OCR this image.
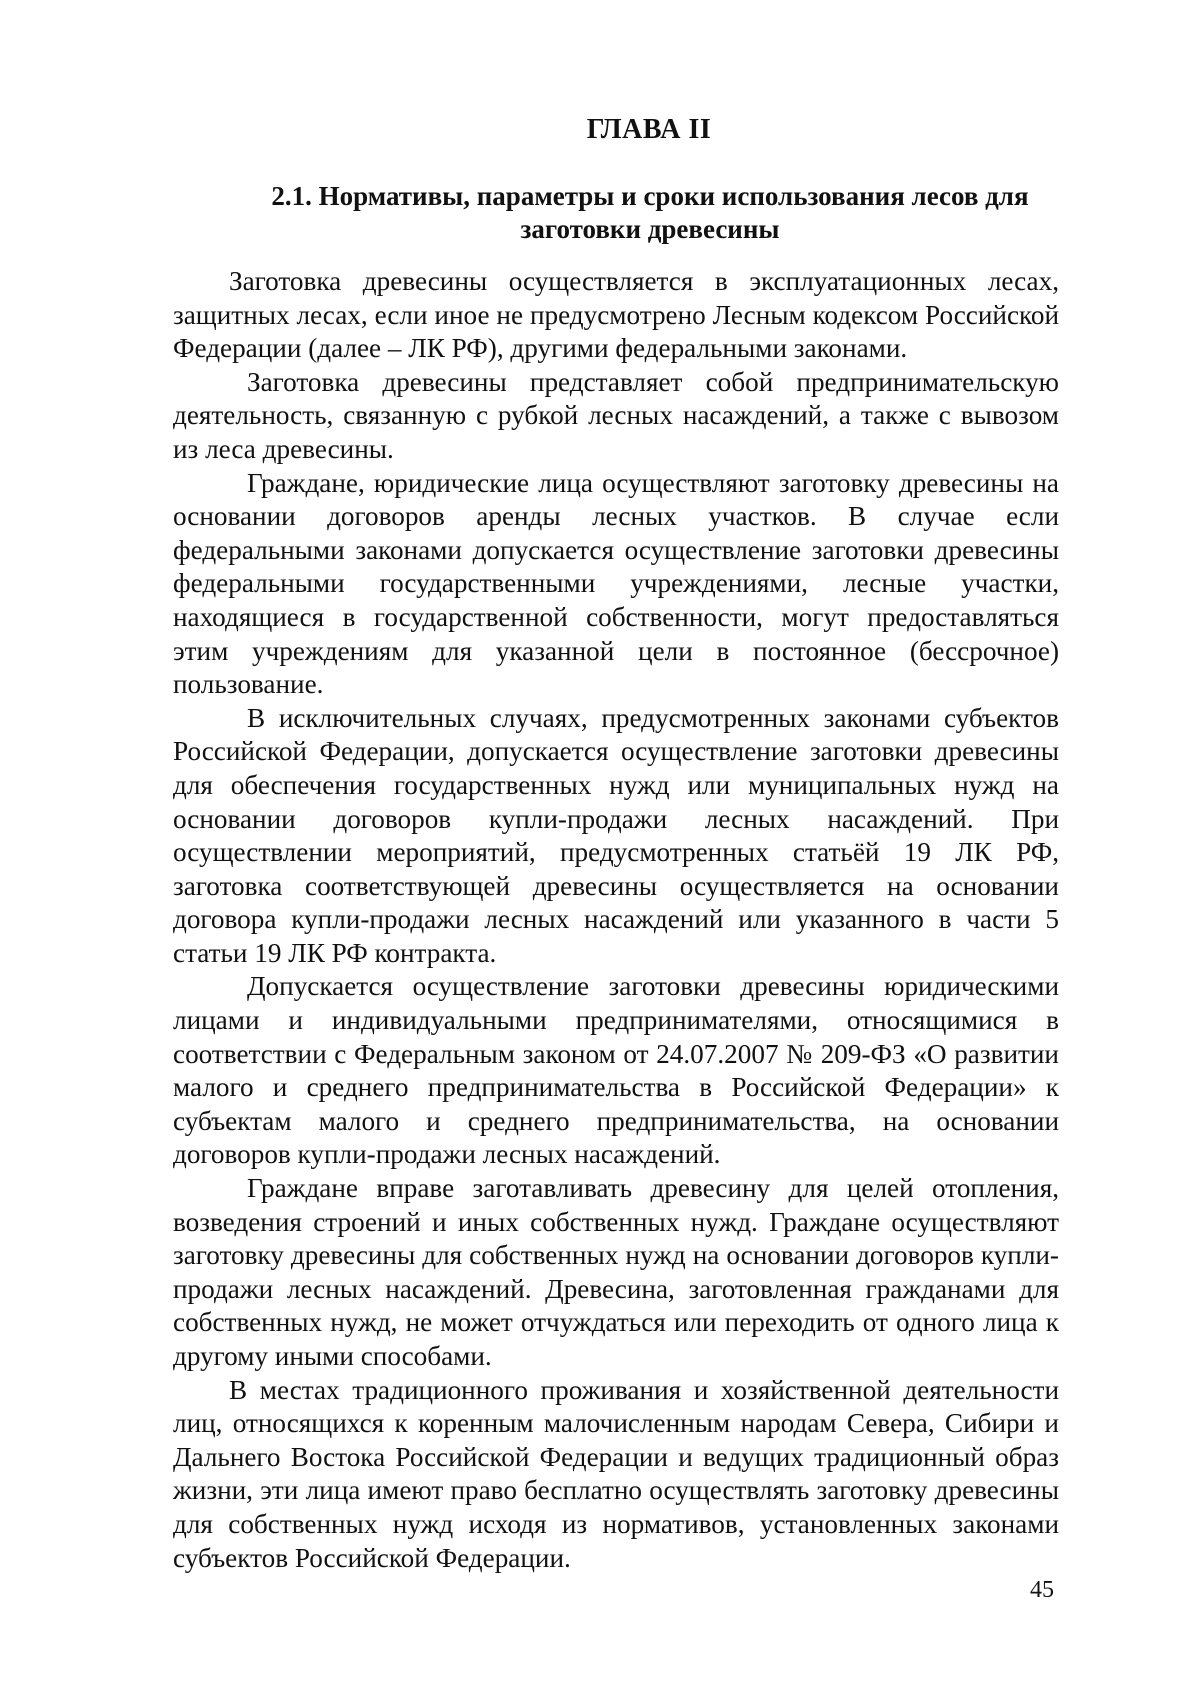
ГЛАВА II
2.1. Нормативы, параметры и сроки использования лесов для заготовки древесины

Заготовка древесины осуществляется в эксплуатационных лесах, защитных лесах, если иное не предусмотрено Лесным кодексом Российской Федерации (далее – ЛК РФ), другими федеральными законами.

Заготовка древесины представляет собой предпринимательскую деятельность, связанную с рубкой лесных насаждений, а также с вывозом из леса древесины.

Граждане, юридические лица осуществляют заготовку древесины на основании договоров аренды лесных участков. В случае если федеральными законами допускается осуществление заготовки древесины федеральными государственными учреждениями, лесные участки, находящиеся в государственной собственности, могут предоставляться этим учреждениям для указанной цели в постоянное (бессрочное) пользование.

В исключительных случаях, предусмотренных законами субъектов Российской Федерации, допускается осуществление заготовки древесины для обеспечения государственных нужд или муниципальных нужд на основании договоров купли-продажи лесных насаждений. При осуществлении мероприятий, предусмотренных статьёй 19 ЛК РФ, заготовка соответствующей древесины осуществляется на основании договора купли-продажи лесных насаждений или указанного в части 5 статьи 19 ЛК РФ контракта.

Допускается осуществление заготовки древесины юридическими лицами и индивидуальными предпринимателями, относящимися в соответствии с Федеральным законом от 24.07.2007 № 209-ФЗ «О развитии малого и среднего предпринимательства в Российской Федерации» к субъектам малого и среднего предпринимательства, на основании договоров купли-продажи лесных насаждений.

Граждане вправе заготавливать древесину для целей отопления, возведения строений и иных собственных нужд. Граждане осуществляют заготовку древесины для собственных нужд на основании договоров купли-продажи лесных насаждений. Древесина, заготовленная гражданами для собственных нужд, не может отчуждаться или переходить от одного лица к другому иными способами.

В местах традиционного проживания и хозяйственной деятельности лиц, относящихся к коренным малочисленным народам Севера, Сибири и Дальнего Востока Российской Федерации и ведущих традиционный образ жизни, эти лица имеют право бесплатно осуществлять заготовку древесины для собственных нужд исходя из нормативов, установленных законами субъектов Российской Федерации.

45
